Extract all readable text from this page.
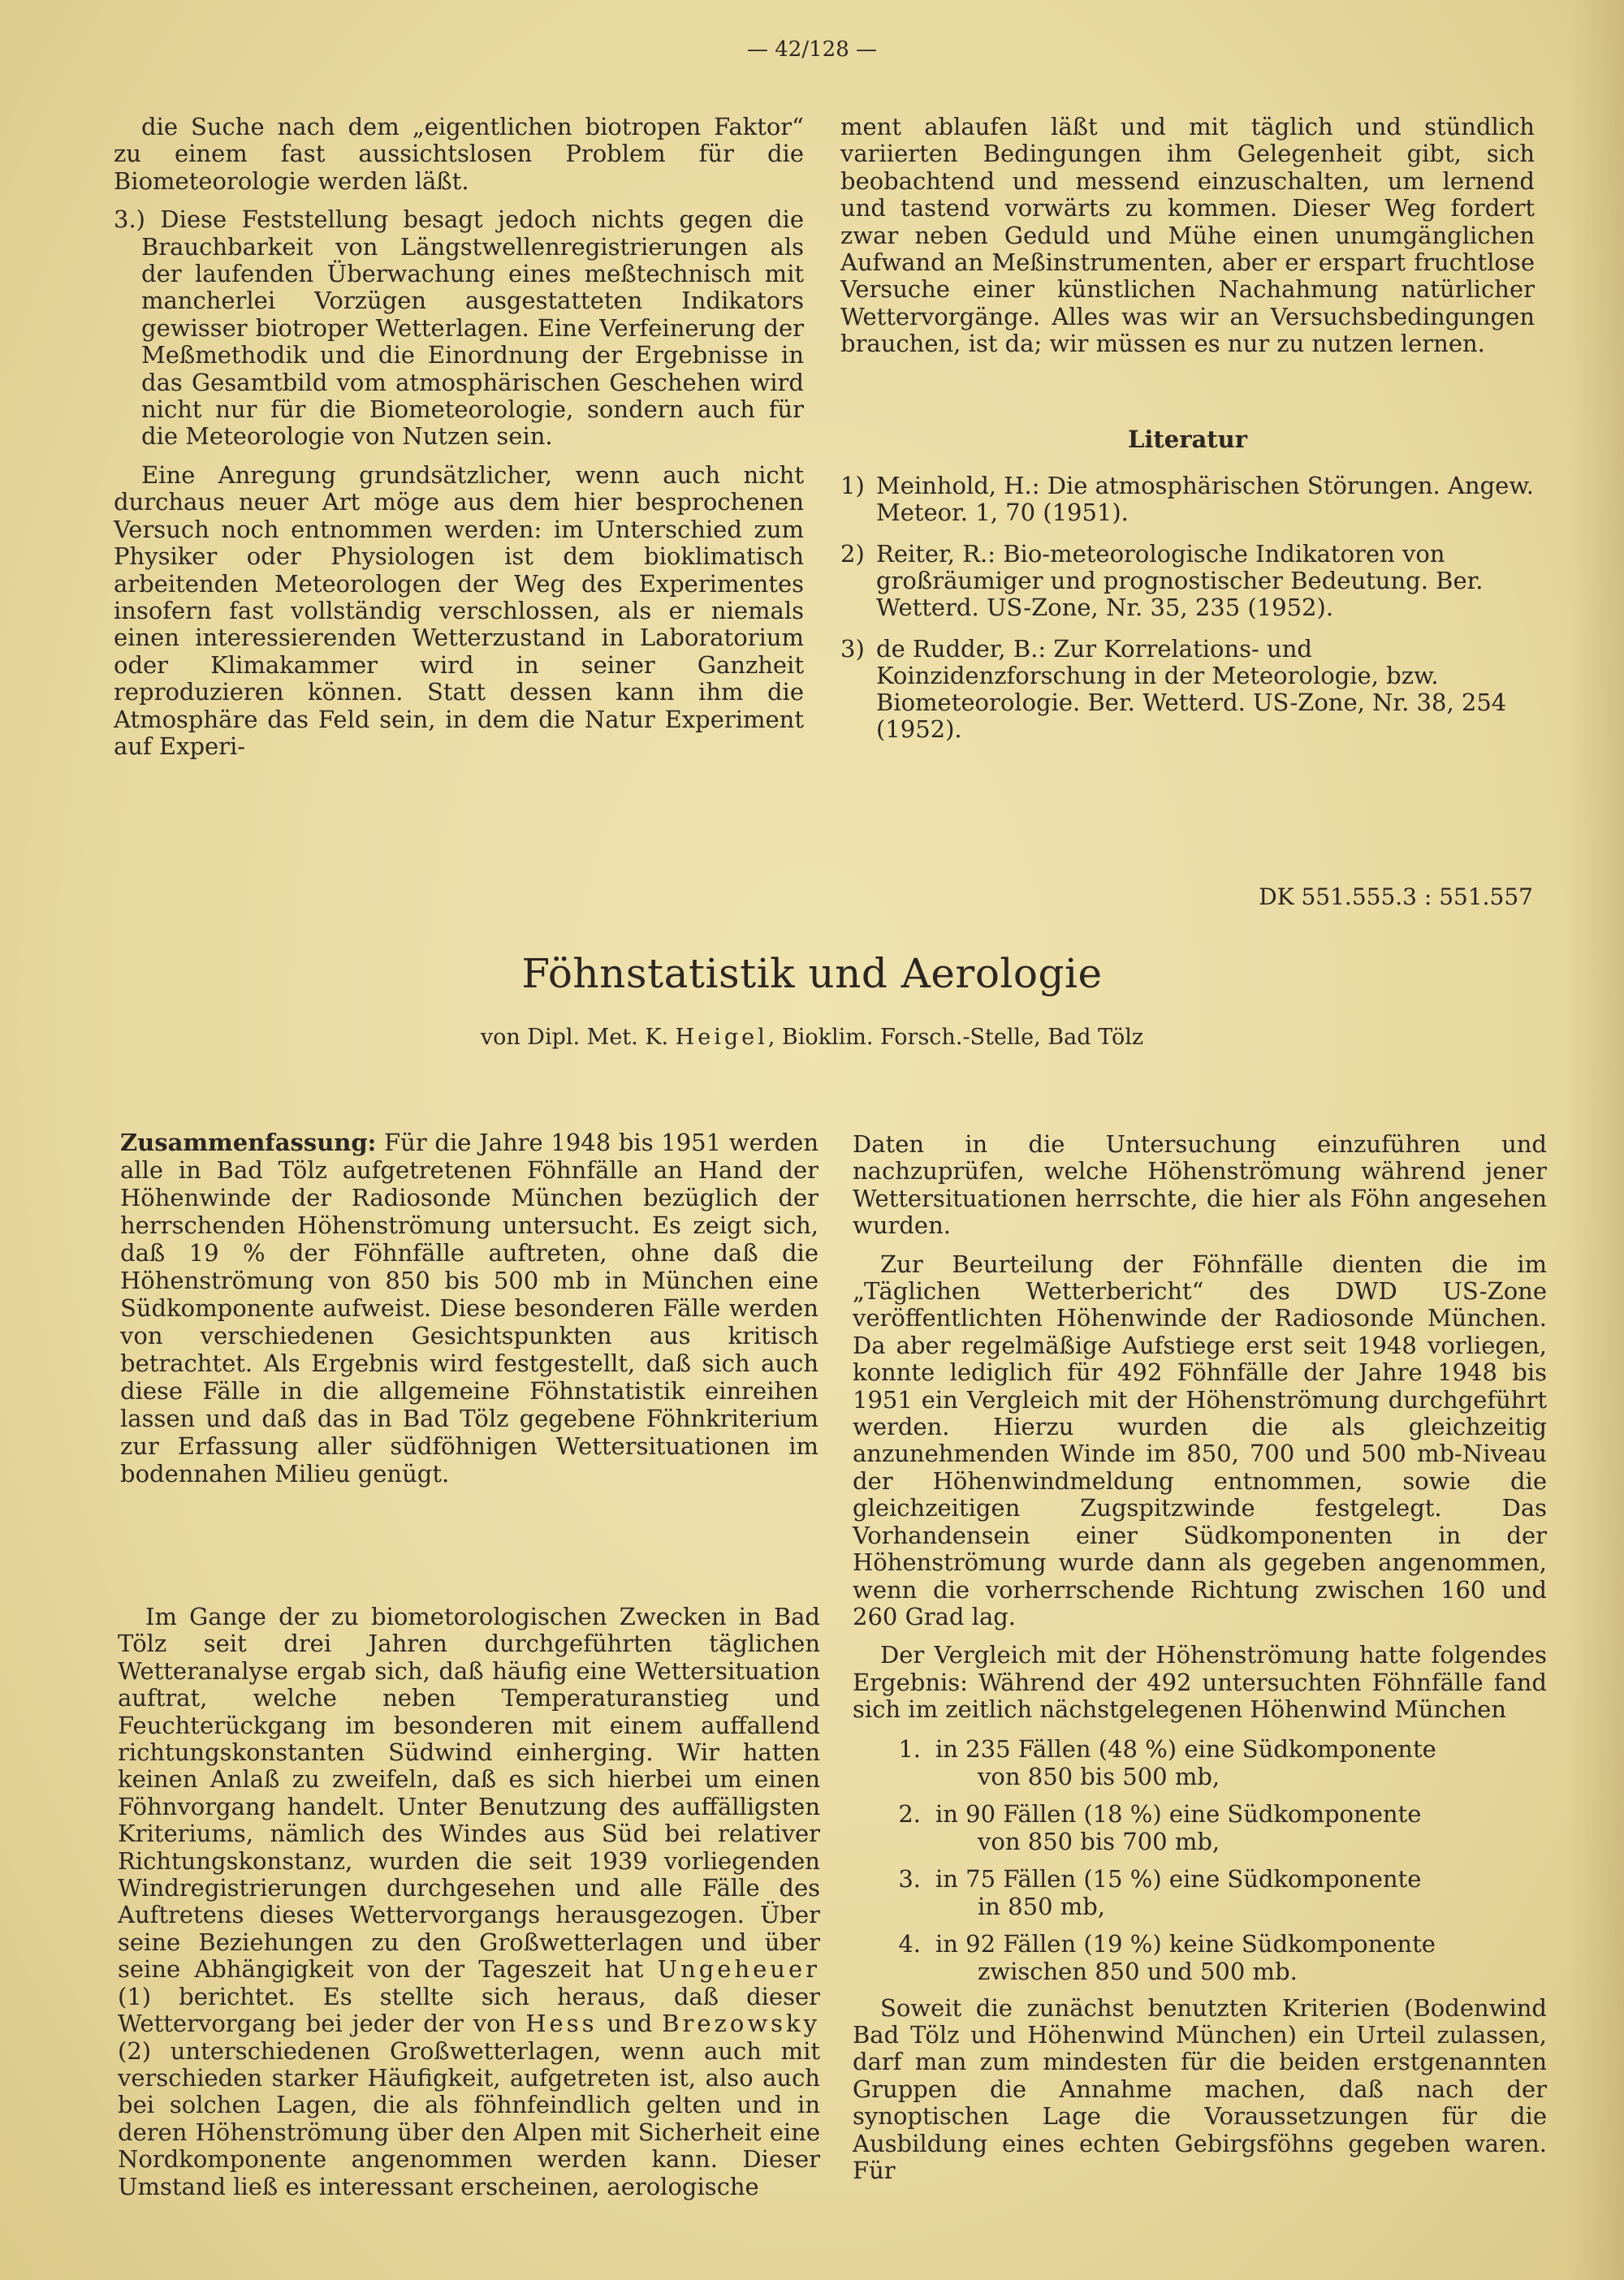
— 42/128 —

die Suche nach dem „eigentlichen biotropen Faktor“ zu einem fast aussichtslosen Problem für die Biometeorologie werden läßt.

3.) Diese Feststellung besagt jedoch nichts gegen die Brauchbarkeit von Längstwellenregistrierungen als der laufenden Überwachung eines meßtechnisch mit mancherlei Vorzügen ausgestatteten Indikators gewisser biotroper Wetterlagen. Eine Verfeinerung der Meßmethodik und die Einordnung der Ergebnisse in das Gesamtbild vom atmosphärischen Geschehen wird nicht nur für die Biometeorologie, sondern auch für die Meteorologie von Nutzen sein.

Eine Anregung grundsätzlicher, wenn auch nicht durchaus neuer Art möge aus dem hier besprochenen Versuch noch entnommen werden: im Unterschied zum Physiker oder Physiologen ist dem bioklimatisch arbeitenden Meteorologen der Weg des Experimentes insofern fast vollständig verschlossen, als er niemals einen interessierenden Wetterzustand in Laboratorium oder Klimakammer wird in seiner Ganzheit reproduzieren können. Statt dessen kann ihm die Atmosphäre das Feld sein, in dem die Natur Experiment auf Experi-

ment ablaufen läßt und mit täglich und stündlich variierten Bedingungen ihm Gelegenheit gibt, sich beobachtend und messend einzuschalten, um lernend und tastend vorwärts zu kommen. Dieser Weg fordert zwar neben Geduld und Mühe einen unumgänglichen Aufwand an Meßinstrumenten, aber er erspart fruchtlose Versuche einer künstlichen Nachahmung natürlicher Wettervorgänge. Alles was wir an Versuchsbedingungen brauchen, ist da; wir müssen es nur zu nutzen lernen.

Literatur
1) Meinhold, H.: Die atmosphärischen Störungen. Angew. Meteor. 1, 70 (1951).
2) Reiter, R.: Bio-meteorologische Indikatoren von großräumiger und prognostischer Bedeutung. Ber. Wetterd. US-Zone, Nr. 35, 235 (1952).
3) de Rudder, B.: Zur Korrelations- und Koinzidenzforschung in der Meteorologie, bzw. Biometeorologie. Ber. Wetterd. US-Zone, Nr. 38, 254 (1952).
DK 551.555.3 : 551.557
Föhnstatistik und Aerologie
von Dipl. Met. K. Heigel, Bioklim. Forsch.-Stelle, Bad Tölz
Zusammenfassung: Für die Jahre 1948 bis 1951 werden alle in Bad Tölz aufgetretenen Föhnfälle an Hand der Höhenwinde der Radiosonde München bezüglich der herrschenden Höhenströmung untersucht. Es zeigt sich, daß 19 % der Föhnfälle auftreten, ohne daß die Höhenströmung von 850 bis 500 mb in München eine Südkomponente aufweist. Diese besonderen Fälle werden von verschiedenen Gesichtspunkten aus kritisch betrachtet. Als Ergebnis wird festgestellt, daß sich auch diese Fälle in die allgemeine Föhnstatistik einreihen lassen und daß das in Bad Tölz gegebene Föhnkriterium zur Erfassung aller südföhnigen Wettersituationen im bodennahen Milieu genügt.

Im Gange der zu biometorologischen Zwecken in Bad Tölz seit drei Jahren durchgeführten täglichen Wetteranalyse ergab sich, daß häufig eine Wettersituation auftrat, welche neben Temperaturanstieg und Feuchterückgang im besonderen mit einem auffallend richtungskonstanten Südwind einherging. Wir hatten keinen Anlaß zu zweifeln, daß es sich hierbei um einen Föhnvorgang handelt. Unter Benutzung des auffälligsten Kriteriums, nämlich des Windes aus Süd bei relativer Richtungskonstanz, wurden die seit 1939 vorliegenden Windregistrierungen durchgesehen und alle Fälle des Auftretens dieses Wettervorgangs herausgezogen. Über seine Beziehungen zu den Großwetterlagen und über seine Abhängigkeit von der Tageszeit hat Ungeheuer (1) berichtet. Es stellte sich heraus, daß dieser Wettervorgang bei jeder der von Hess und Brezowsky (2) unterschiedenen Großwetterlagen, wenn auch mit verschieden starker Häufigkeit, aufgetreten ist, also auch bei solchen Lagen, die als föhnfeindlich gelten und in deren Höhenströmung über den Alpen mit Sicherheit eine Nordkomponente angenommen werden kann. Dieser Umstand ließ es interessant erscheinen, aerologische

Daten in die Untersuchung einzuführen und nachzuprüfen, welche Höhenströmung während jener Wettersituationen herrschte, die hier als Föhn angesehen wurden.

Zur Beurteilung der Föhnfälle dienten die im „Täglichen Wetterbericht“ des DWD US-Zone veröffentlichten Höhenwinde der Radiosonde München. Da aber regelmäßige Aufstiege erst seit 1948 vorliegen, konnte lediglich für 492 Föhnfälle der Jahre 1948 bis 1951 ein Vergleich mit der Höhenströmung durchgeführt werden. Hierzu wurden die als gleichzeitig anzunehmenden Winde im 850, 700 und 500 mb-Niveau der Höhenwindmeldung entnommen, sowie die gleichzeitigen Zugspitzwinde festgelegt. Das Vorhandensein einer Südkomponenten in der Höhenströmung wurde dann als gegeben angenommen, wenn die vorherrschende Richtung zwischen 160 und 260 Grad lag.

Der Vergleich mit der Höhenströmung hatte folgendes Ergebnis: Während der 492 untersuchten Föhnfälle fand sich im zeitlich nächstgelegenen Höhenwind München

1. in 235 Fällen (48 %) eine Südkomponente
von 850 bis 500 mb,
2. in 90 Fällen (18 %) eine Südkomponente
von 850 bis 700 mb,
3. in 75 Fällen (15 %) eine Südkomponente
in 850 mb,
4. in 92 Fällen (19 %) keine Südkomponente
zwischen 850 und 500 mb.

Soweit die zunächst benutzten Kriterien (Bodenwind Bad Tölz und Höhenwind München) ein Urteil zulassen, darf man zum mindesten für die beiden erstgenannten Gruppen die Annahme machen, daß nach der synoptischen Lage die Voraussetzungen für die Ausbildung eines echten Gebirgsföhns gegeben waren. Für
